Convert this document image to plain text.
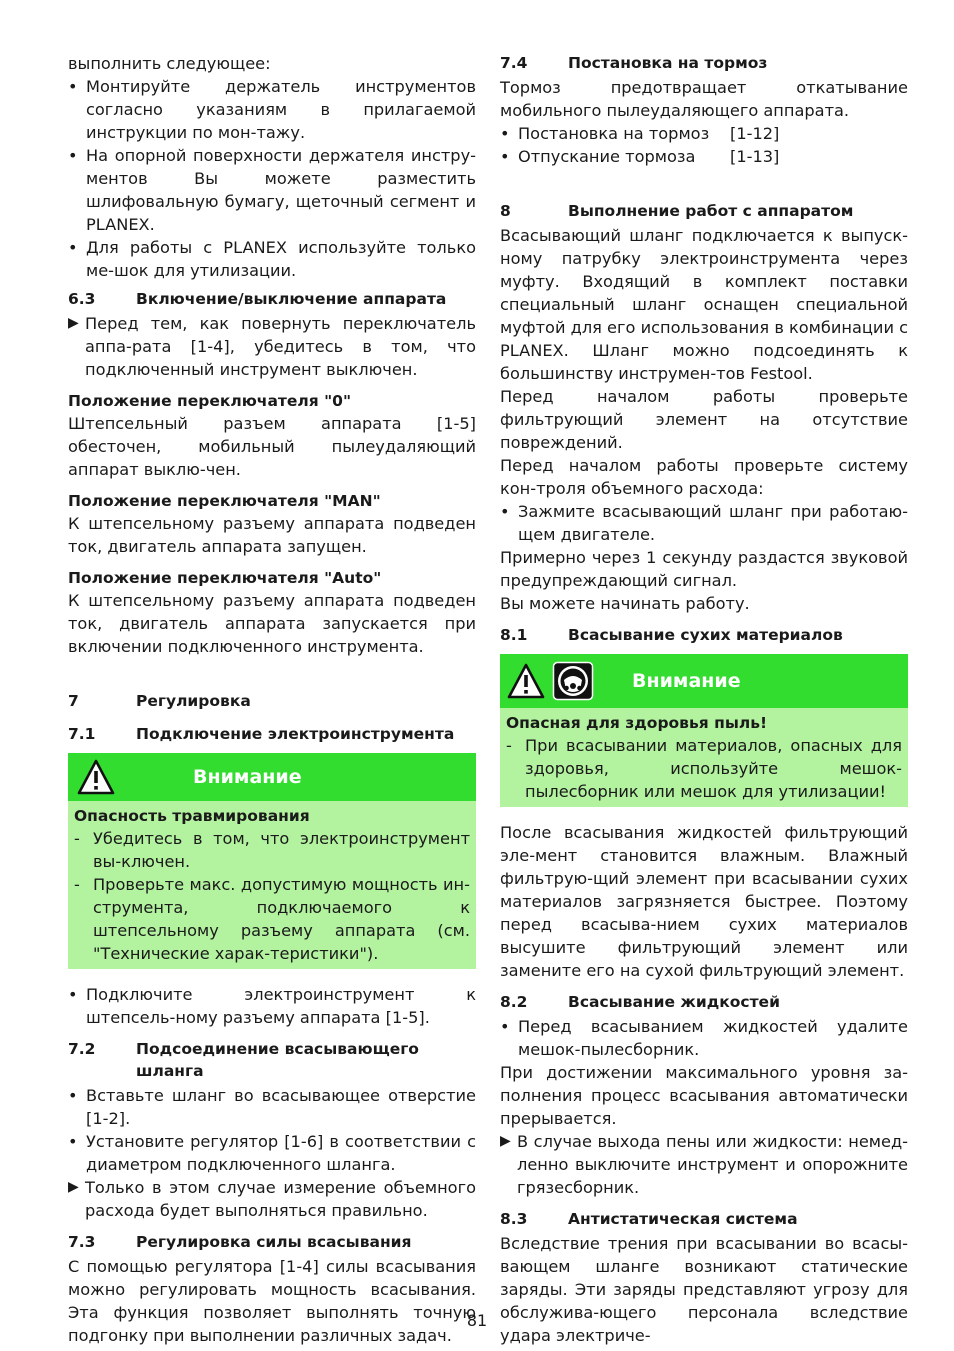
выполнить следующее:

• Монтируйте держатель инструментов согласно указаниям в прилагаемой инструкции по мон-тажу.
• На опорной поверхности держателя инстру-ментов Вы можете разместить шлифовальную бумагу, щеточный сегмент и PLANEX.
• Для работы с PLANEX используйте только ме-шок для утилизации.
6.3	Включение/выключение аппарата
▶ Перед тем, как повернуть переключатель аппа-рата [1-4], убедитесь в том, что подключенный инструмент выключен.

Положение переключателя "0"

Штепсельный разъем аппарата [1-5] обесточен, мобильный пылеудаляющий аппарат выклю-чен.

Положение переключателя "MAN"

К штепсельному разъему аппарата подведен ток, двигатель аппарата запущен.

Положение переключателя "Auto"

К штепсельному разъему аппарата подведен ток, двигатель аппарата запускается при включении подключенного инструмента.

7	Регулировка
7.1	Подключение электроинструмента
Внимание

Опасность травмирования

- Убедитесь в том, что электроинструмент вы-ключен.
- Проверьте макс. допустимую мощность ин-струмента, подключаемого к штепсельному разъему аппарата (см. "Технические харак-теристики").
• Подключите электроинструмент к штепсель-ному разъему аппарата [1-5].
7.2	Подсоединение всасывающего шланга
• Вставьте шланг во всасывающее отверстие [1-2].
• Установите регулятор [1-6] в соответствии с диаметром подключенного шланга.
▶ Только в этом случае измерение объемного расхода будет выполняться правильно.
7.3	Регулировка силы всасывания

С помощью регулятора [1-4] силы всасывания можно регулировать мощность всасывания. Эта функция позволяет выполнять точную подгонку при выполнении различных задач.

7.4	Постановка на тормоз

Тормоз предотвращает откатывание мобильного пылеудаляющего аппарата.

• Постановка на тормоз	[1-12]
• Отпускание тормоза	[1-13]
8	Выполнение работ с аппаратом

Всасывающий шланг подключается к выпуск-ному патрубку электроинструмента через муфту. Входящий в комплект поставки специальный шланг оснащен специальной муфтой для его использования в комбинации с PLANEX. Шланг можно подсоединять к большинству инструмен-тов Festool.

Перед началом работы проверьте фильтрующий элемент на отсутствие повреждений.

Перед началом работы проверьте систему кон-троля объемного расхода:

• Зажмите всасывающий шланг при работаю-щем двигателе.

Примерно через 1 секунду раздастся звуковой предупреждающий сигнал.

Вы можете начинать работу.

8.1	Всасывание сухих материалов
Внимание

Опасная для здоровья пыль!

- При всасывании материалов, опасных для здоровья, используйте мешок-пылесборник или мешок для утилизации!

После всасывания жидкостей фильтрующий эле-мент становится влажным. Влажный фильтрую-щий элемент при всасывании сухих материалов загрязняется быстрее. Поэтому перед всасыва-нием сухих материалов высушите фильтрующий элемент или замените его на сухой фильтрующий элемент.

8.2	Всасывание жидкостей
• Перед всасыванием жидкостей удалите мешок-пылесборник.

При достижении максимального уровня за-полнения процесс всасывания автоматически прерывается.

▶ В случае выхода пены или жидкости: немед-ленно выключите инструмент и опорожните грязесборник.
8.3	Антистатическая система

Вследствие трения при всасывании во всасы-вающем шланге возникают статические заряды. Эти заряды представляют угрозу для обслужива-ющего персонала вследствие удара электриче-

81
